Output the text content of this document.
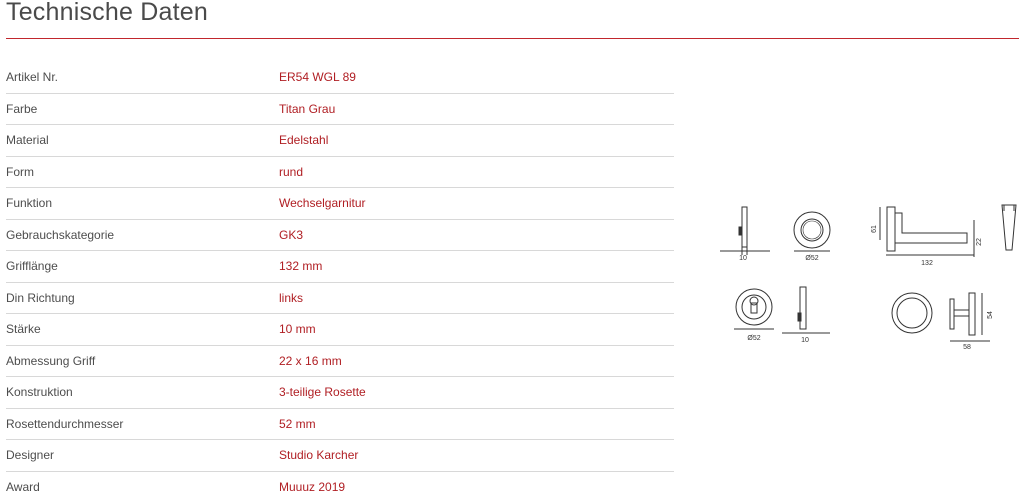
Technische Daten
Artikel Nr.	ER54 WGL 89
Farbe	Titan Grau
Material	Edelstahl
Form	rund
Funktion	Wechselgarnitur
Gebrauchskategorie	GK3
Grifflänge	132 mm
Din Richtung	links
Stärke	10 mm
Abmessung Griff	22 x 16 mm
Konstruktion	3-teilige Rosette
Rosettendurchmesser	52 mm
Designer	Studio Karcher
Award	Muuuz 2019
10	Ø52
61
22
132
Ø52	10
54
58
